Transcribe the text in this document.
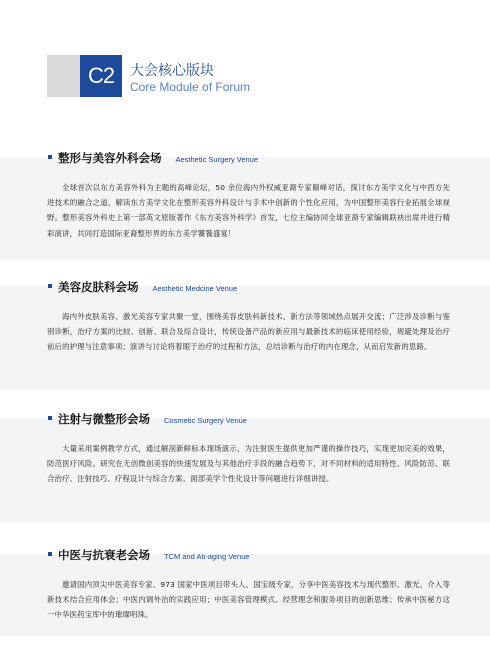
C2 大会核心版块
Core Module of Forum
整形与美容外科会场 Aesthetic Surgery Venue
全球首次以东方美容外科为主题的高峰论坛，50 余位海内外权威亚裔专家巅峰对话，探讨东方美学文化与中西方先进技术的融合之道，解读东方美学文化在整形美容外科设计与手术中创新的个性化应用，为中国整形美容行业拓展全球视野。整形美容外科史上第一部英文原版著作《东方美容外科学》首发，七位主编协同全球亚裔专家编辑联袂出席并进行精彩演讲，共同打造国际亚裔整形界的东方美学饕餮盛宴！
美容皮肤科会场 Aesthetic Medcine Venue
海内外皮肤美容、激光美容专家共聚一堂，围绕美容皮肤科新技术、新方法等领域热点展开交流；广泛涉及诊断与鉴别诊断，治疗方案的比较、创新、联合及综合设计，传统设备产品的新应用与最新技术的临床使用经验，规避处理及治疗前后的护理与注意事项；演讲与讨论将着眼于治疗的过程和方法，总结诊断与治疗的内在理念，从而启发新的思路。
注射与微整形会场 Cosmetic Surgery Venue
大量采用案例教学方式，通过解剖新鲜标本现场演示，为注射医生提供更加严谨的操作技巧，实现更加完美的效果，防范医疗风险。研究在无创微创美容的快速发展及与其他治疗手段的融合趋势下，对不同材料的适用特性、风险防范、联合治疗、注射技巧、疗程设计与综合方案、面部美学个性化设计等问题进行详细讲授。
中医与抗衰老会场 TCM and Ati-aging Venue
邀请国内顶尖中医美容专家、973 国家中医项目带头人、国宝级专家，分享中医美容技术与现代整形、激光、介入等新技术结合应用体会；中医内调外治的实践应用；中医美容管理模式、经营理念和服务项目的创新思维；传承中医秘方这一中华医药宝库中的璀璨明珠。
